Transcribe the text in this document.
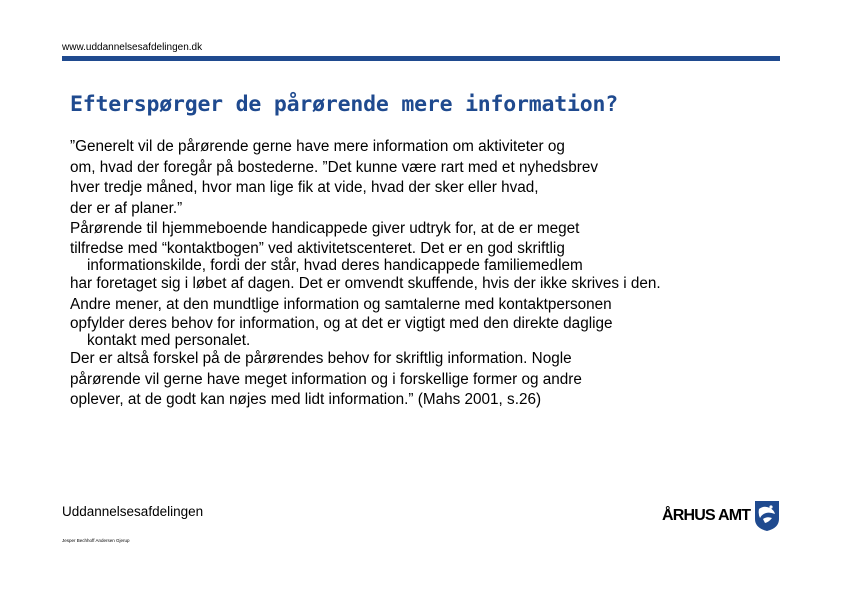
www.uddannelsesafdelingen.dk
Efterspørger de pårørende mere information?
”Generelt vil de pårørende gerne have mere information om aktiviteter og
om, hvad der foregår på bostederne. ”Det kunne være rart med et nyhedsbrev
hver tredje måned, hvor man lige fik at vide, hvad der sker eller hvad,
der er af planer.”
Pårørende til hjemmeboende handicappede giver udtryk for, at de er meget
tilfredse med “kontaktbogen” ved aktivitetscenteret. Det er en god skriftlig
informationskilde, fordi der står, hvad deres handicappede familiemedlem
har foretaget sig i løbet af dagen. Det er omvendt skuffende, hvis der ikke skrives i den.
Andre mener, at den mundtlige information og samtalerne med kontaktpersonen
opfylder deres behov for information, og at det er vigtigt med den direkte daglige
kontakt med personalet.
Der er altså forskel på de pårørendes behov for skriftlig information. Nogle
pårørende vil gerne have meget information og i forskellige former og andre
oplever, at de godt kan nøjes med lidt information.” (Mahs 2001, s.26)
Uddannelsesafdelingen
Jesper Bechhoff Andersen Gjerup
ÅRHUS AMT
